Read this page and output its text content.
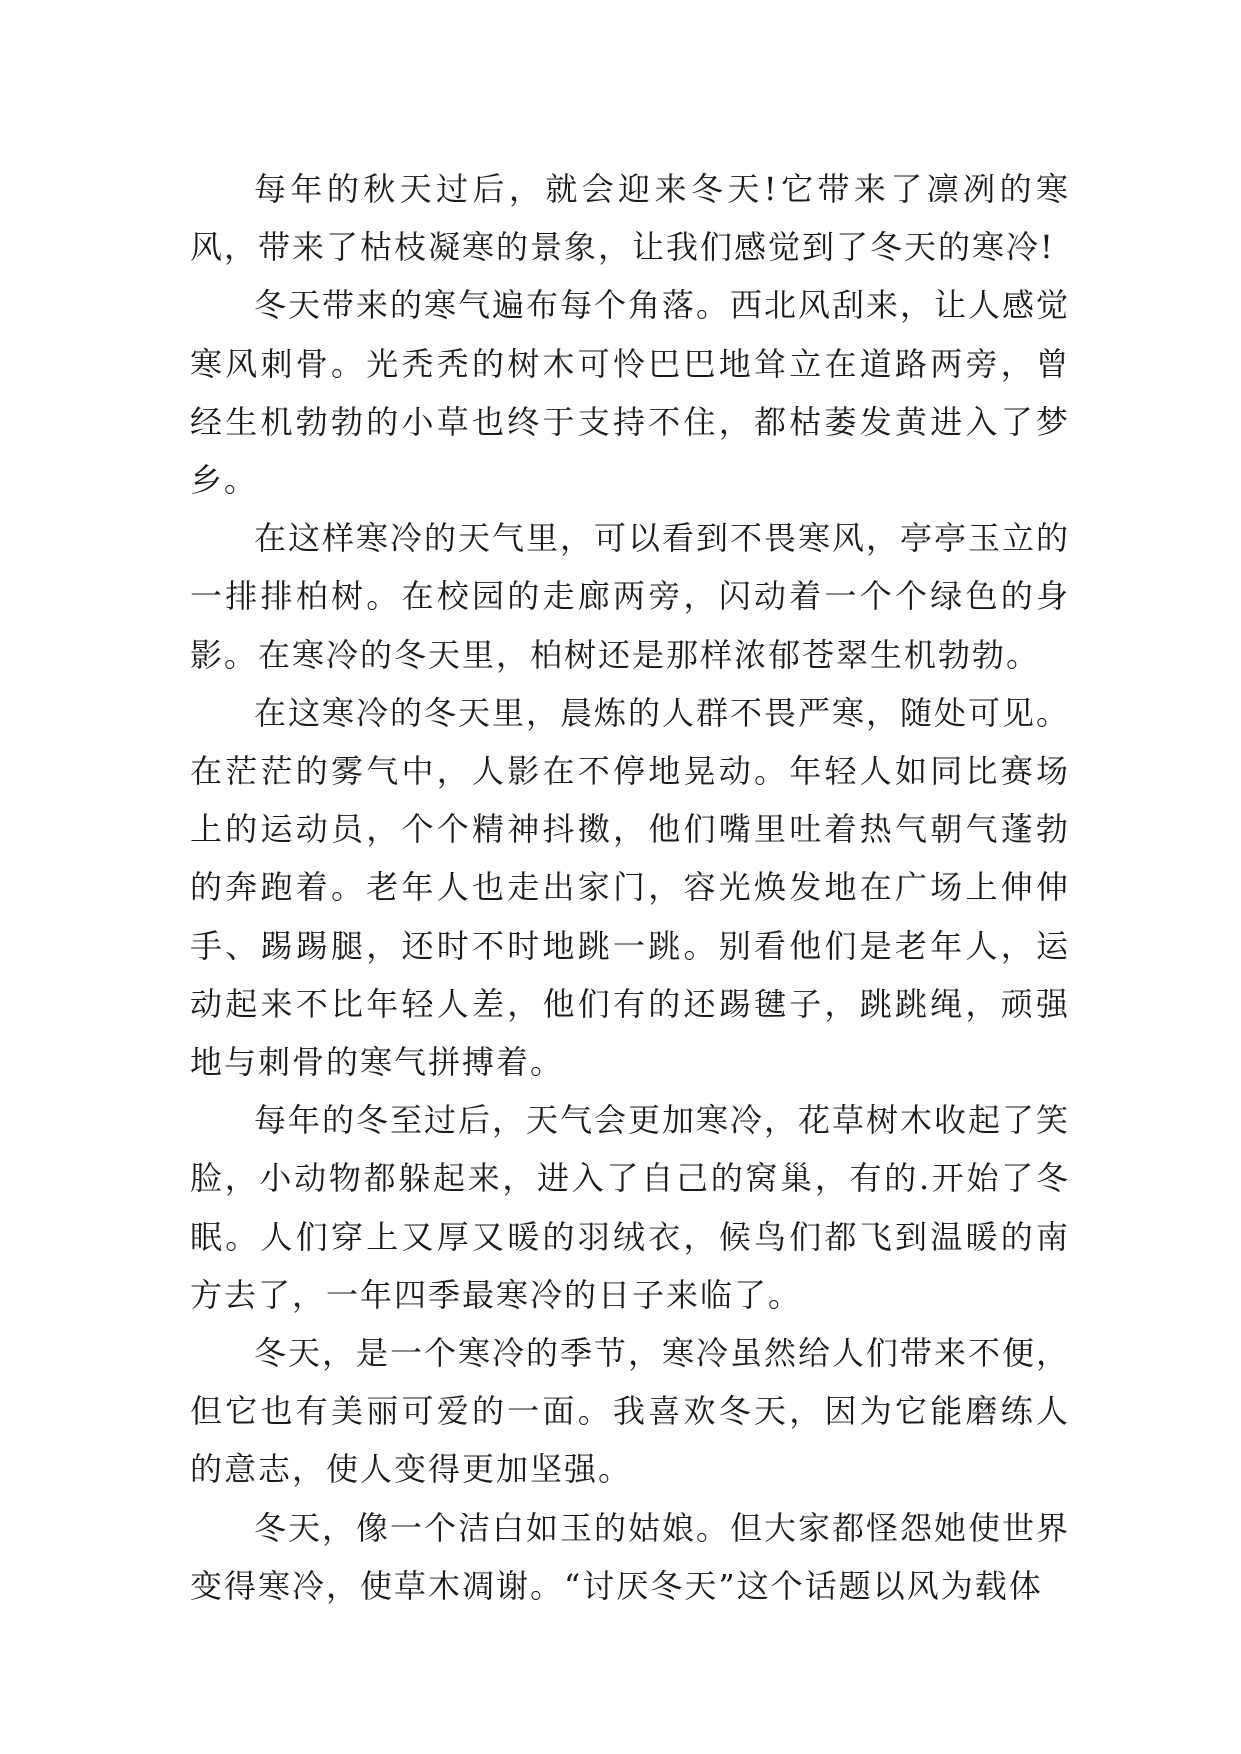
每年的秋天过后，就会迎来冬天!它带来了凛冽的寒风，带来了枯枝凝寒的景象，让我们感觉到了冬天的寒冷!

冬天带来的寒气遍布每个角落。西北风刮来，让人感觉寒风刺骨。光秃秃的树木可怜巴巴地耸立在道路两旁，曾经生机勃勃的小草也终于支持不住，都枯萎发黄进入了梦乡。

在这样寒冷的天气里，可以看到不畏寒风，亭亭玉立的一排排柏树。在校园的走廊两旁，闪动着一个个绿色的身影。在寒冷的冬天里，柏树还是那样浓郁苍翠生机勃勃。

在这寒冷的冬天里，晨炼的人群不畏严寒，随处可见。在茫茫的雾气中，人影在不停地晃动。年轻人如同比赛场上的运动员，个个精神抖擞，他们嘴里吐着热气朝气蓬勃的奔跑着。老年人也走出家门，容光焕发地在广场上伸伸手、踢踢腿，还时不时地跳一跳。别看他们是老年人，运动起来不比年轻人差，他们有的还踢毽子，跳跳绳，顽强地与刺骨的寒气拼搏着。

每年的冬至过后，天气会更加寒冷，花草树木收起了笑脸，小动物都躲起来，进入了自己的窝巢，有的.开始了冬眠。人们穿上又厚又暖的羽绒衣，候鸟们都飞到温暖的南方去了，一年四季最寒冷的日子来临了。

冬天，是一个寒冷的季节，寒冷虽然给人们带来不便，但它也有美丽可爱的一面。我喜欢冬天，因为它能磨练人的意志，使人变得更加坚强。

冬天，像一个洁白如玉的姑娘。但大家都怪怨她使世界变得寒冷，使草木凋谢。“讨厌冬天”这个话题以风为载体
